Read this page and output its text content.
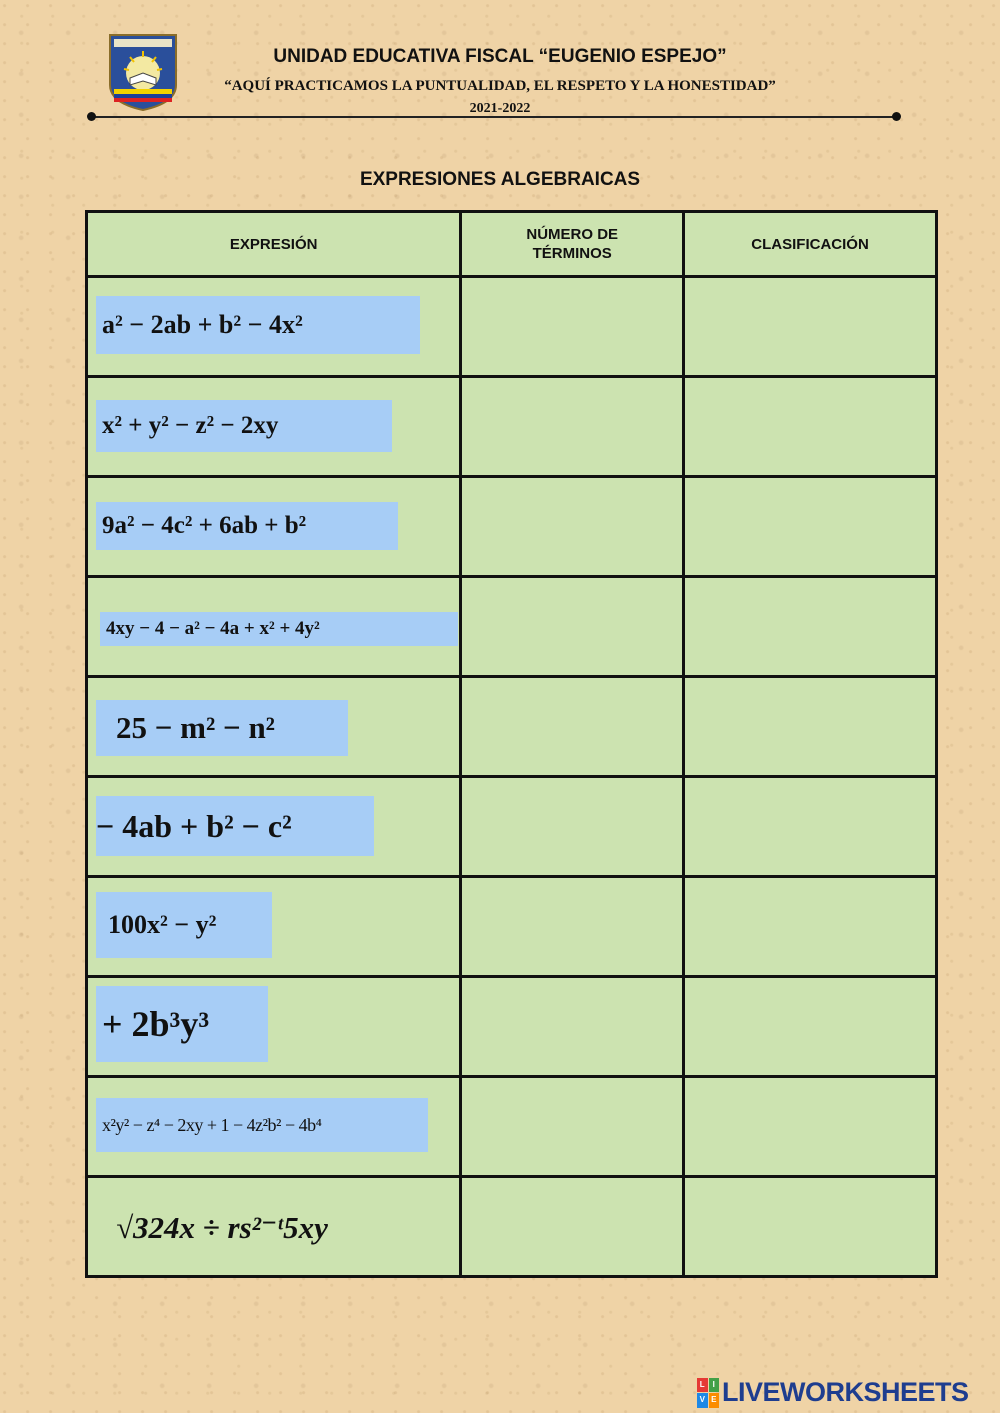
UNIDAD EDUCATIVA FISCAL “EUGENIO ESPEJO”
“AQUÍ PRACTICAMOS LA PUNTUALIDAD, EL RESPETO Y LA HONESTIDAD”
2021-2022
EXPRESIONES ALGEBRAICAS
EXPRESIÓN	NÚMERO DE TÉRMINOS	CLASIFICACIÓN

a² − 2ab + b² − 4x²

x² + y² − z² − 2xy

9a² − 4c² + 6ab + b²

4xy − 4 − a² − 4a + x² + 4y²

25 − m² − n²

− 4ab + b² − c²

100x² − y²

+ 2b³y³

x²y² − z⁴ − 2xy + 1 − 4z²b² − 4b⁴

√324x ÷ rs²⁻ᵗ5xy

L I
V E LIVEWORKSHEETS
